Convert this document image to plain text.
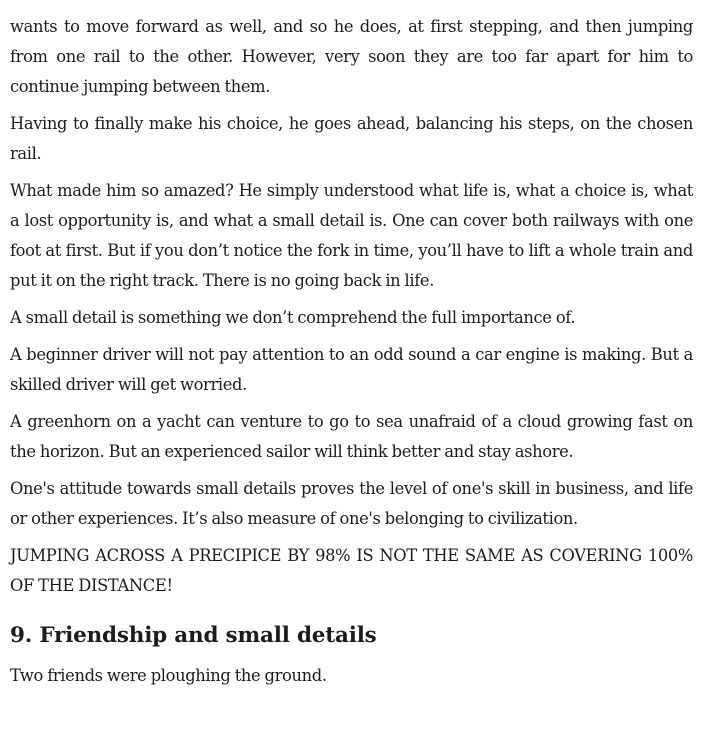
wants to move forward as well, and so he does, at first stepping, and then jumping from one rail to the other. However, very soon they are too far apart for him to continue jumping between them.

Having to finally make his choice, he goes ahead, balancing his steps, on the chosen rail.

What made him so amazed? He simply understood what life is, what a choice is, what a lost opportunity is, and what a small detail is. One can cover both railways with one foot at first. But if you don’t notice the fork in time, you’ll have to lift a whole train and put it on the right track. There is no going back in life.

A small detail is something we don’t comprehend the full importance of.

A beginner driver will not pay attention to an odd sound a car engine is making. But a skilled driver will get worried.

A greenhorn on a yacht can venture to go to sea unafraid of a cloud growing fast on the horizon. But an experienced sailor will think better and stay ashore.

One's attitude towards small details proves the level of one's skill in business, and life or other experiences. It’s also measure of one's belonging to civilization.

JUMPING ACROSS A PRECIPICE BY 98% IS NOT THE SAME AS COVERING 100% OF THE DISTANCE!

9. Friendship and small details

Two friends were ploughing the ground.
